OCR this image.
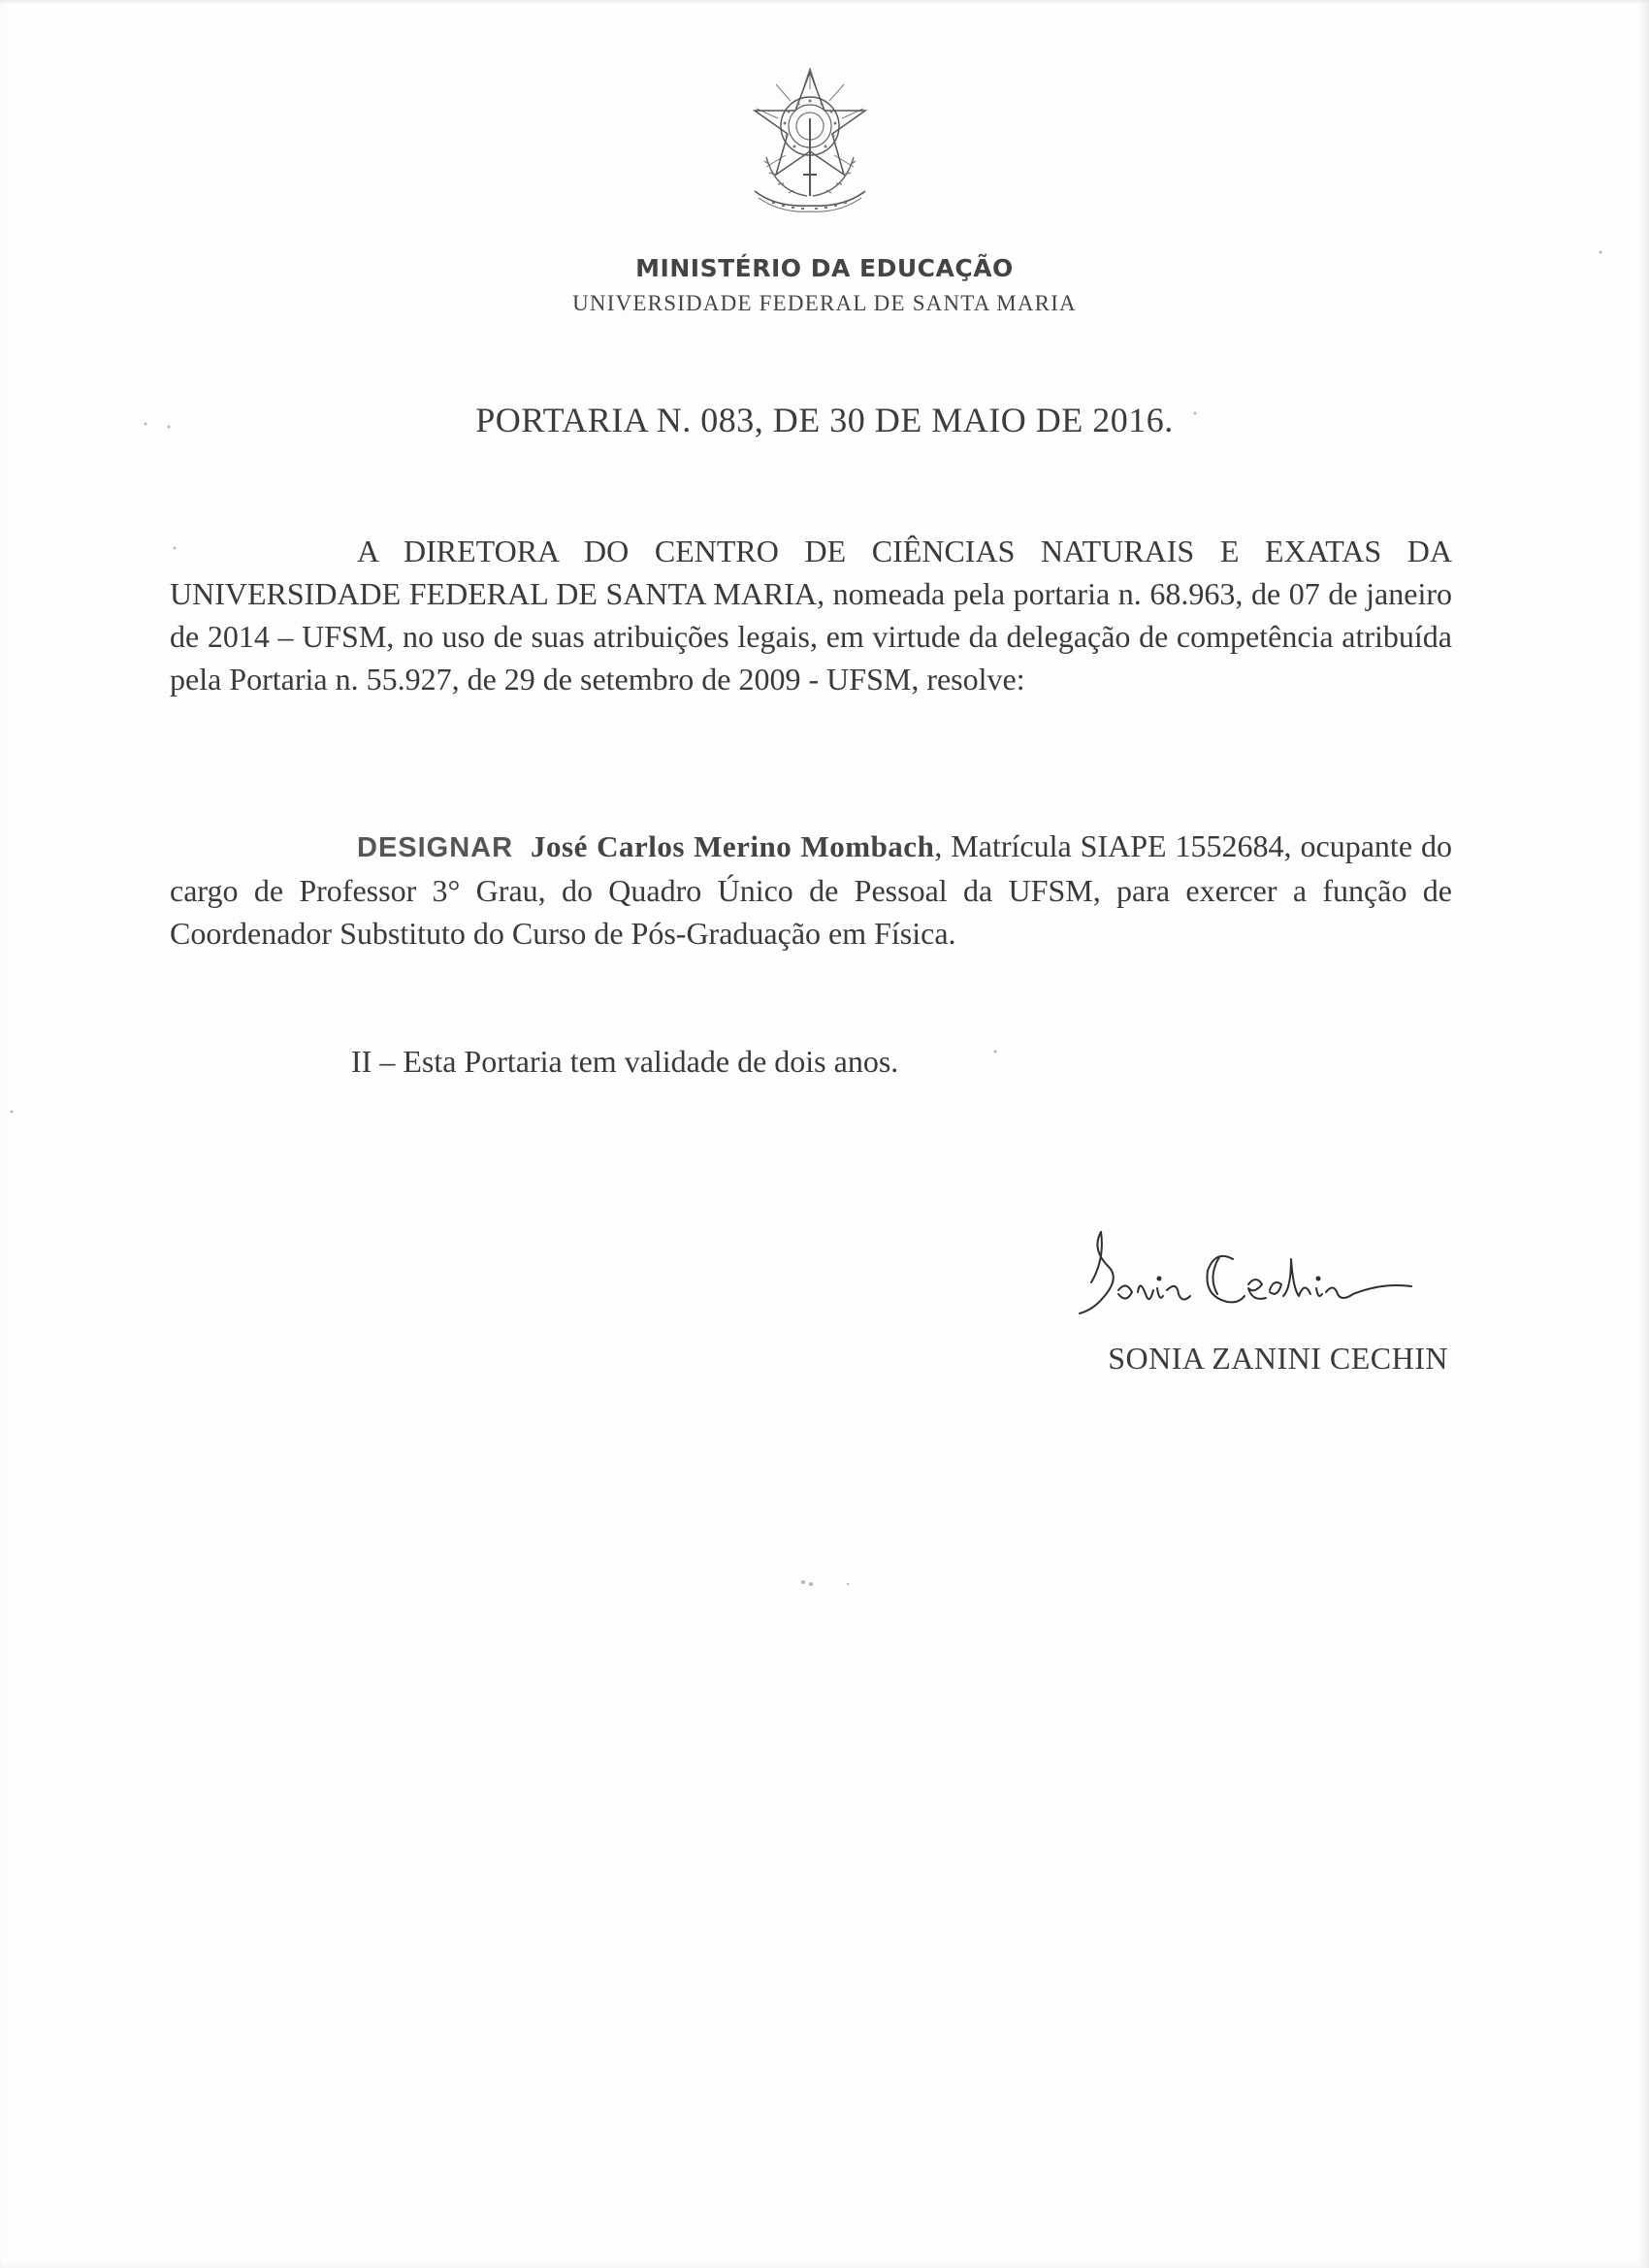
MINISTÉRIO DA EDUCAÇÃO
UNIVERSIDADE FEDERAL DE SANTA MARIA
PORTARIA N. 083, DE 30 DE MAIO DE 2016.
A DIRETORA DO CENTRO DE CIÊNCIAS NATURAIS E EXATAS DA UNIVERSIDADE FEDERAL DE SANTA MARIA, nomeada pela portaria n. 68.963, de 07 de janeiro de 2014 – UFSM, no uso de suas atribuições legais, em virtude da delegação de competência atribuída pela Portaria n. 55.927, de 29 de setembro de 2009 - UFSM, resolve:
DESIGNAR José Carlos Merino Mombach, Matrícula SIAPE 1552684, ocupante do cargo de Professor 3° Grau, do Quadro Único de Pessoal da UFSM, para exercer a função de Coordenador Substituto do Curso de Pós-Graduação em Física.
II – Esta Portaria tem validade de dois anos.
SONIA ZANINI CECHIN
